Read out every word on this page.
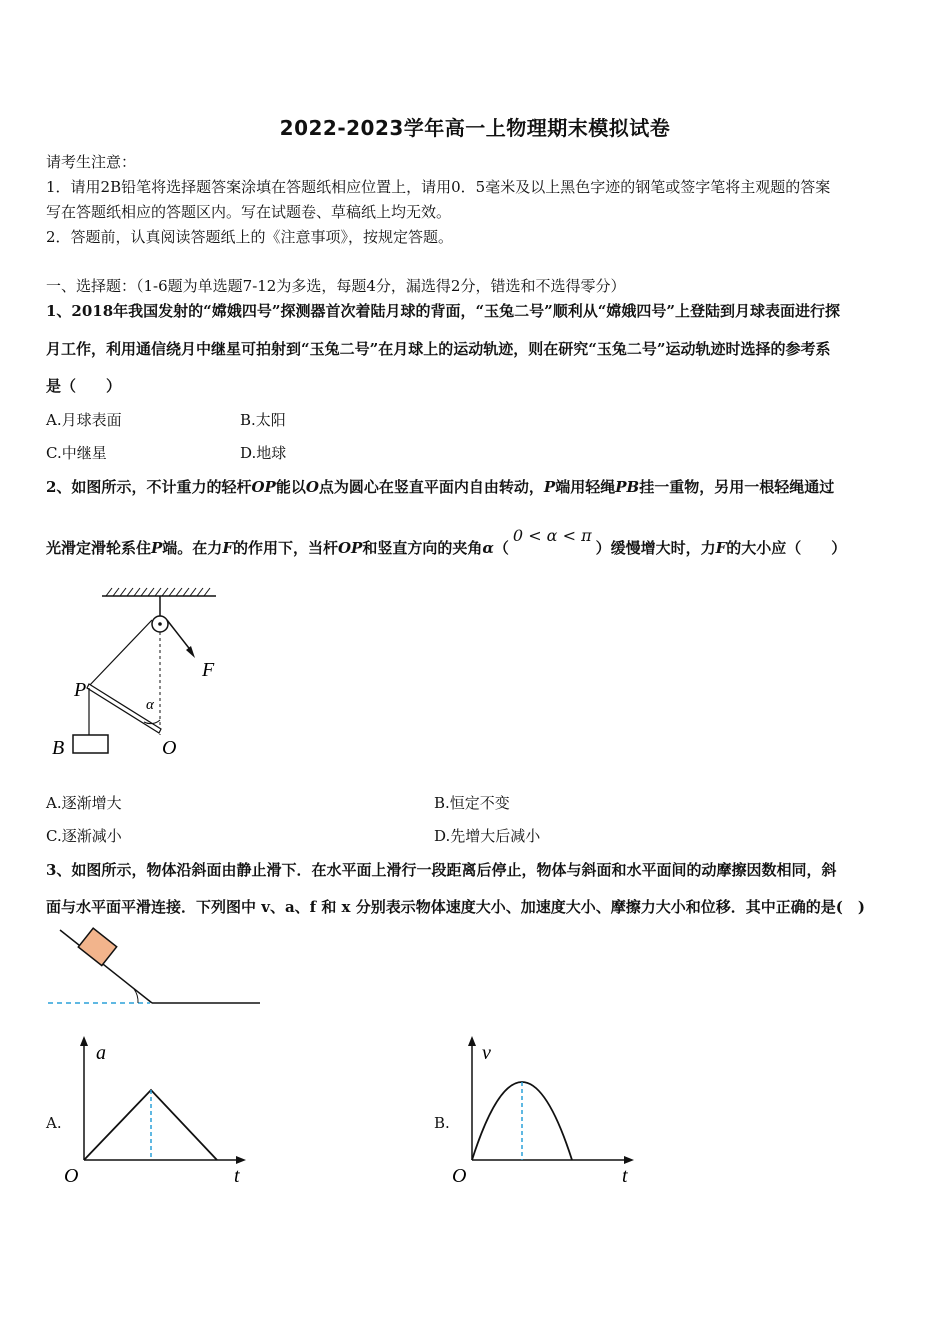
2022-2023学年高一上物理期末模拟试卷
请考生注意：
1．请用2B铅笔将选择题答案涂填在答题纸相应位置上，请用0．5毫米及以上黑色字迹的钢笔或签字笔将主观题的答案
写在答题纸相应的答题区内。写在试题卷、草稿纸上均无效。
2．答题前，认真阅读答题纸上的《注意事项》，按规定答题。
一、选择题：（1-6题为单选题7-12为多选，每题4分，漏选得2分，错选和不选得零分）
1、2018年我国发射的“嫦娥四号”探测器首次着陆月球的背面，“玉兔二号”顺利从“嫦娥四号”上登陆到月球表面进行探
月工作，利用通信绕月中继星可拍射到“玉兔二号”在月球上的运动轨迹，则在研究“玉兔二号”运动轨迹时选择的参考系
是（　　）
A.月球表面	B.太阳
C.中继星	D.地球
2、如图所示，不计重力的轻杆OP能以O点为圆心在竖直平面内自由转动，P端用轻绳PB挂一重物，另用一根轻绳通过
光滑定滑轮系住P端。在力F的作用下，当杆OP和竖直方向的夹角α（0 < α < π）缓慢增大时，力F的大小应（　　）
F
P
B	O
α
A.逐渐增大	B.恒定不变
C.逐渐减小	D.先增大后减小
3、如图所示，物体沿斜面由静止滑下．在水平面上滑行一段距离后停止，物体与斜面和水平面间的动摩擦因数相同，斜
面与水平面平滑连接．下列图中 v、a、f 和 x 分别表示物体速度大小、加速度大小、摩擦力大小和位移．其中正确的是(　)
A.
a
t
O
B.
v
t
O
